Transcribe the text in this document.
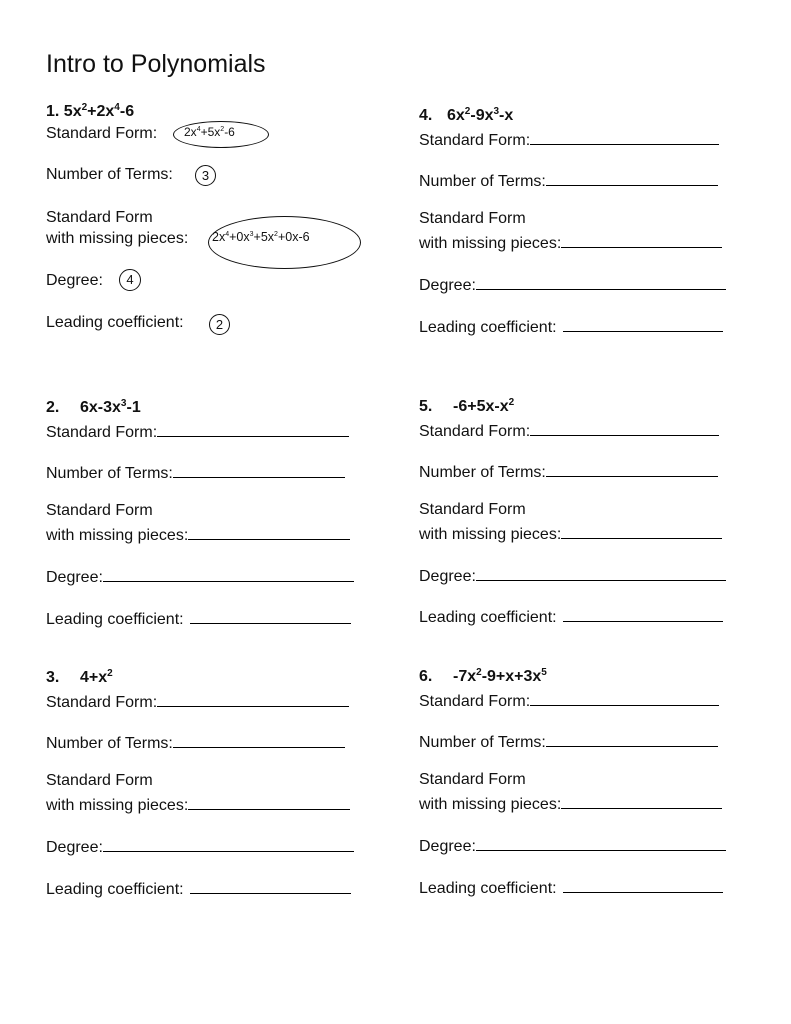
Intro to Polynomials
1. $5x^2+2x^4-6$
Standard Form: $2x^4+5x^2-6$
Number of Terms:	3
Standard Form
with missing pieces: $2x^4+0x^3+5x^2+0x-6$
Degree:	4
Leading coefficient:	2
2. $6x-3x^3-1$
Standard Form:
Number of Terms:
Standard Form
with missing pieces:
Degree:
Leading coefficient:
3. $4+x^2$
Standard Form:
Number of Terms:
Standard Form
with missing pieces:
Degree:
Leading coefficient:
4. $6x^2-9x^3-x$
Standard Form:
Number of Terms:
Standard Form
with missing pieces:
Degree:
Leading coefficient:
5. $-6+5x-x^2$
Standard Form:
Number of Terms:
Standard Form
with missing pieces:
Degree:
Leading coefficient:
6. $-7x^2-9+x+3x^5$
Standard Form:
Number of Terms:
Standard Form
with missing pieces:
Degree:
Leading coefficient:
